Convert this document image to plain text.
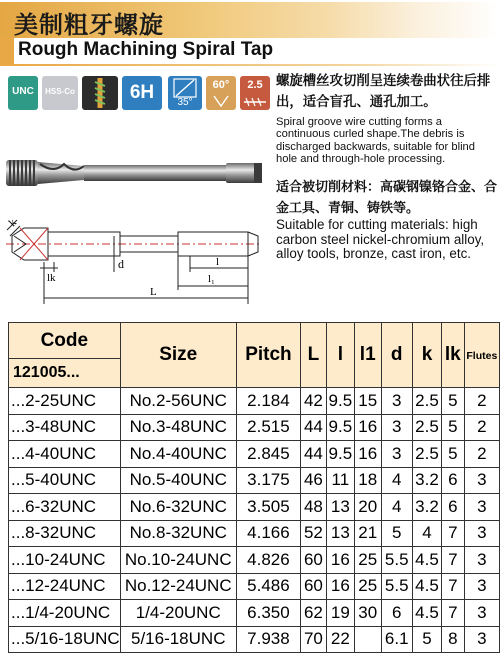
美制粗牙螺旋
Rough Machining Spiral Tap
UNC	HSS-Co	6H	35°
60°	2.5 螺旋槽丝攻切削呈连续卷曲状往后排出，适合盲孔、通孔加工。
Spiral groove wire cutting forms a continuous curled shape.The debris is discharged backwards, suitable for blind hole and through-hole processing.
适合被切削材料：高碳钢镍铬合金、合金工具、青铜、铸铁等。
Suitable for cutting materials: high carbon steel nickel-chromium alloy, alloy tools, bronze, cast iron, etc.
k
lk
d	l
l₁
L
Code	Size	Pitch	L	l	l1	d	k	lk	Flutes
121005...									
...2-25UNC	No.2-56UNC	2.184	42	9.5	15	3	2.5	5	2
...3-48UNC	No.3-48UNC	2.515	44	9.5	16	3	2.5	5	2
...4-40UNC	No.4-40UNC	2.845	44	9.5	16	3	2.5	5	2
...5-40UNC	No.5-40UNC	3.175	46	11	18	4	3.2	6	3
...6-32UNC	No.6-32UNC	3.505	48	13	20	4	3.2	6	3
...8-32UNC	No.8-32UNC	4.166	52	13	21	5	4	7	3
...10-24UNC	No.10-24UNC	4.826	60	16	25	5.5	4.5	7	3
...12-24UNC	No.12-24UNC	5.486	60	16	25	5.5	4.5	7	3
...1/4-20UNC	1/4-20UNC	6.350	62	19	30	6	4.5	7	3
...5/16-18UNC	5/16-18UNC	7.938	70	22		6.1	5	8	3
